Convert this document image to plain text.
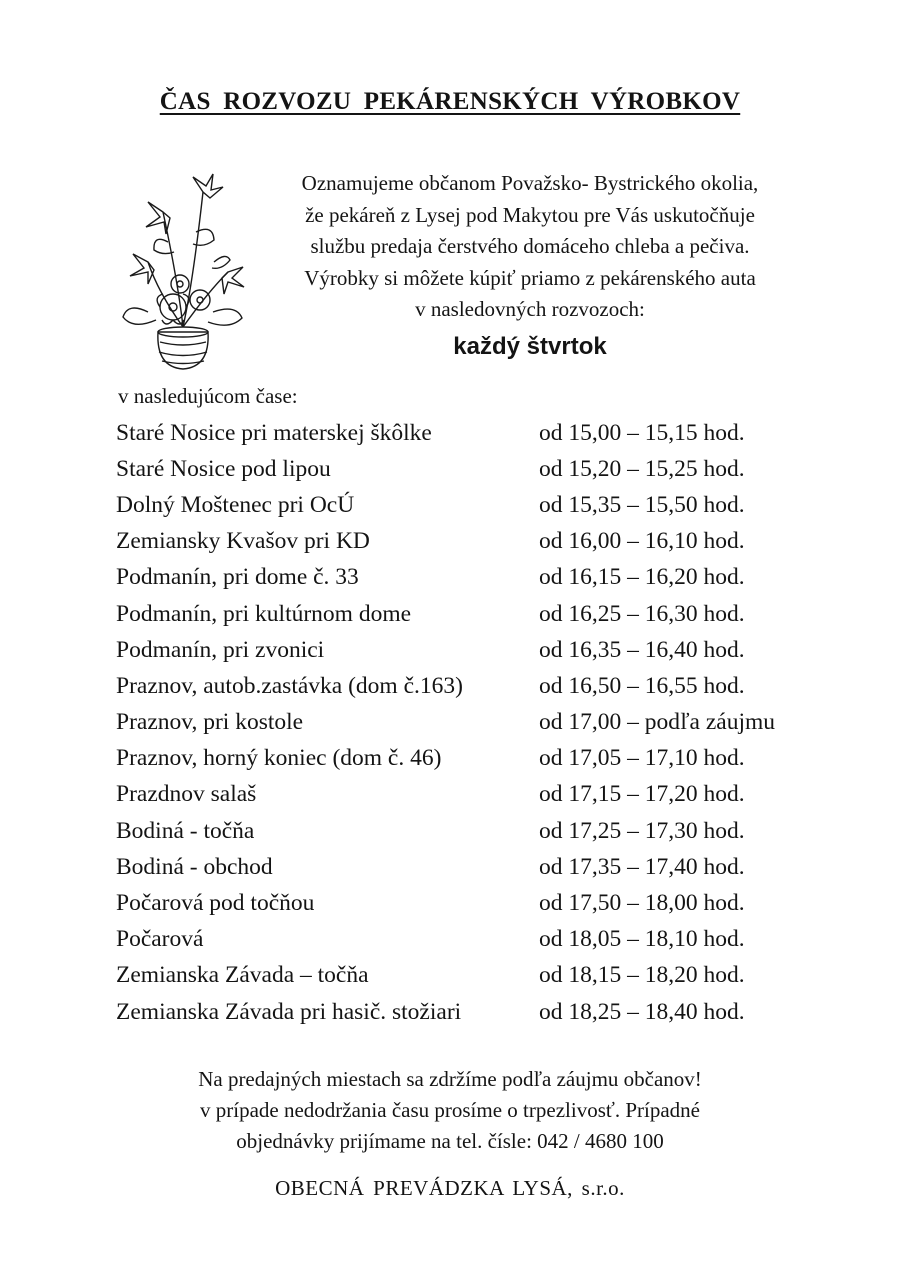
ČAS ROZVOZU PEKÁRENSKÝCH VÝROBKOV
Oznamujeme občanom Považsko- Bystrického okolia,
že pekáreň z Lysej pod Makytou pre Vás uskutočňuje
službu predaja čerstvého domáceho chleba a pečiva.
Výrobky si môžete kúpiť priamo z pekárenského auta
v nasledovných rozvozoch:
každý štvrtok
v nasledujúcom čase:
Staré Nosice pri materskej škôlke	od 15,00 – 15,15 hod.
Staré Nosice pod lipou	od 15,20 – 15,25 hod.
Dolný Moštenec pri OcÚ	od 15,35 – 15,50 hod.
Zemiansky Kvašov pri KD	od 16,00 – 16,10 hod.
Podmanín, pri dome č. 33	od 16,15 – 16,20 hod.
Podmanín, pri kultúrnom dome	od 16,25 – 16,30 hod.
Podmanín, pri zvonici	od 16,35 – 16,40 hod.
Praznov, autob.zastávka (dom č.163)	od 16,50 – 16,55 hod.
Praznov, pri kostole	od 17,00 – podľa záujmu
Praznov, horný koniec (dom č. 46)	od 17,05 – 17,10 hod.
Prazdnov salaš	od 17,15 – 17,20 hod.
Bodiná - točňa	od 17,25 – 17,30 hod.
Bodiná - obchod	od 17,35 – 17,40 hod.
Počarová pod točňou	od 17,50 – 18,00 hod.
Počarová	od 18,05 – 18,10 hod.
Zemianska Závada – točňa	od 18,15 – 18,20 hod.
Zemianska Závada pri hasič. stožiari	od 18,25 – 18,40 hod.
Na predajných miestach sa zdržíme podľa záujmu občanov!
v prípade nedodržania času prosíme o trpezlivosť. Prípadné
objednávky prijímame na tel. čísle: 042 / 4680 100
OBECNÁ PREVÁDZKA LYSÁ, s.r.o.
